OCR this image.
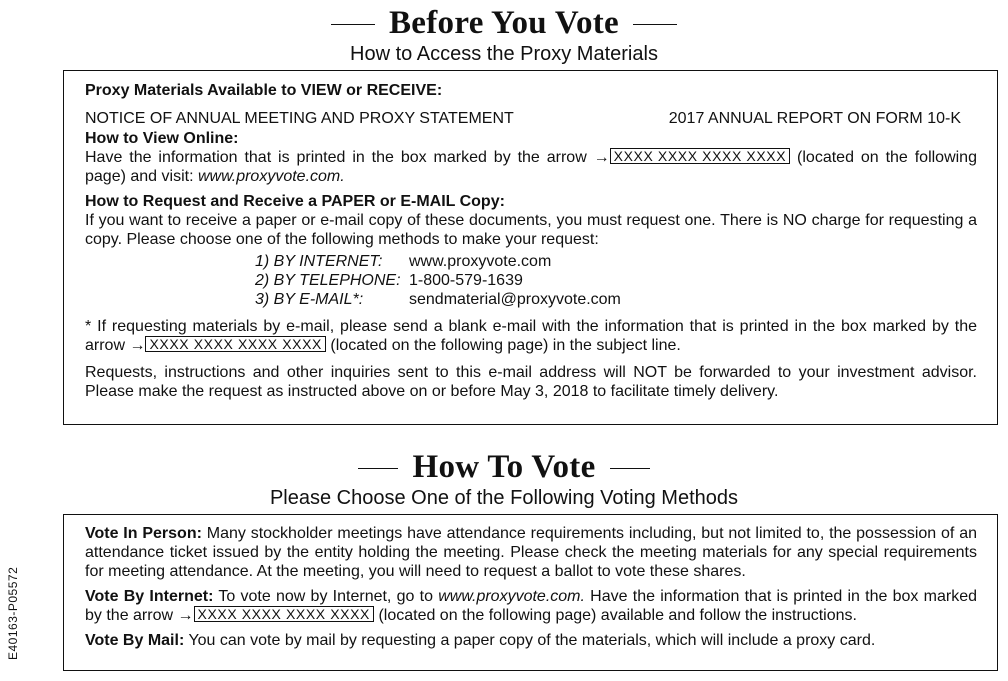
Before You Vote
How to Access the Proxy Materials

Proxy Materials Available to VIEW or RECEIVE:

NOTICE OF ANNUAL MEETING AND PROXY STATEMENT	2017 ANNUAL REPORT ON FORM 10-K

How to View Online:

Have the information that is printed in the box marked by the arrow → XXXX XXXX XXXX XXXX (located on the following page) and visit: www.proxyvote.com.

How to Request and Receive a PAPER or E-MAIL Copy:

If you want to receive a paper or e-mail copy of these documents, you must request one. There is NO charge for requesting a copy. Please choose one of the following methods to make your request:

1) BY INTERNET:	www.proxyvote.com
2) BY TELEPHONE: 1-800-579-1639
3) BY E-MAIL*:	sendmaterial@proxyvote.com

* If requesting materials by e-mail, please send a blank e-mail with the information that is printed in the box marked by the arrow → XXXX XXXX XXXX XXXX (located on the following page) in the subject line.

Requests, instructions and other inquiries sent to this e-mail address will NOT be forwarded to your investment advisor. Please make the request as instructed above on or before May 3, 2018 to facilitate timely delivery.

How To Vote
Please Choose One of the Following Voting Methods

Vote In Person: Many stockholder meetings have attendance requirements including, but not limited to, the possession of an attendance ticket issued by the entity holding the meeting. Please check the meeting materials for any special requirements for meeting attendance. At the meeting, you will need to request a ballot to vote these shares.

Vote By Internet: To vote now by Internet, go to www.proxyvote.com. Have the information that is printed in the box marked by the arrow → XXXX XXXX XXXX XXXX (located on the following page) available and follow the instructions.

Vote By Mail: You can vote by mail by requesting a paper copy of the materials, which will include a proxy card.

E40163-P05572
